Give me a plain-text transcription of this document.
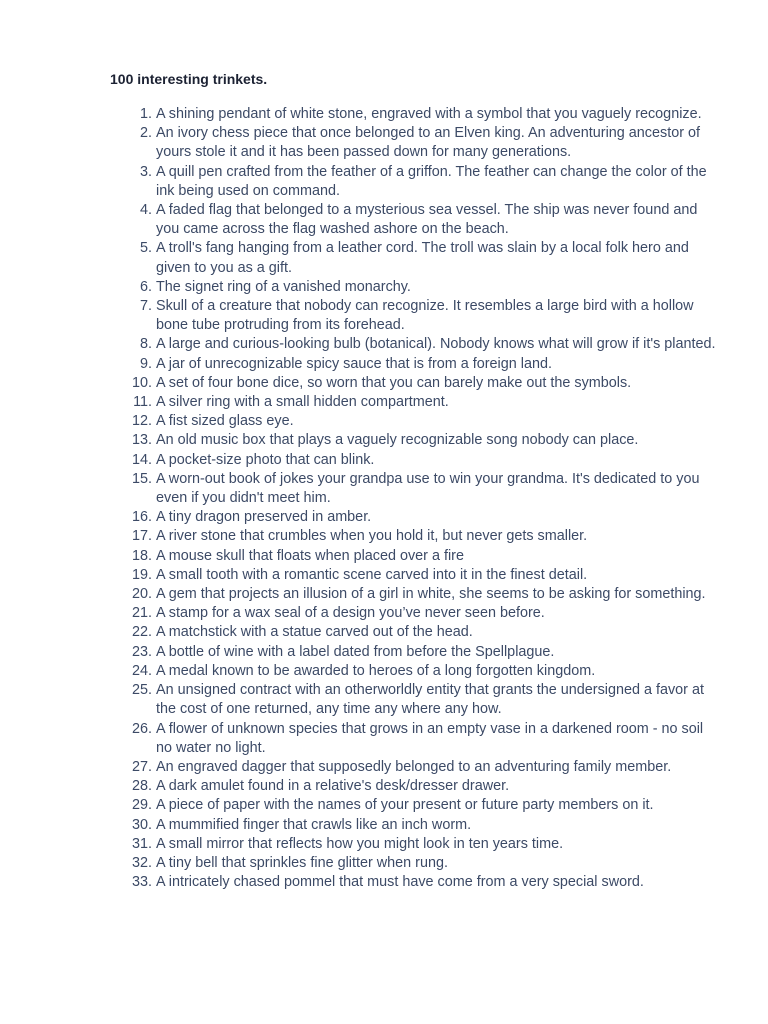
100 interesting trinkets.
1. A shining pendant of white stone, engraved with a symbol that you vaguely recognize.
2. An ivory chess piece that once belonged to an Elven king. An adventuring ancestor of yours stole it and it has been passed down for many generations.
3. A quill pen crafted from the feather of a griffon. The feather can change the color of the ink being used on command.
4. A faded flag that belonged to a mysterious sea vessel. The ship was never found and you came across the flag washed ashore on the beach.
5. A troll's fang hanging from a leather cord. The troll was slain by a local folk hero and given to you as a gift.
6. The signet ring of a vanished monarchy.
7. Skull of a creature that nobody can recognize. It resembles a large bird with a hollow bone tube protruding from its forehead.
8. A large and curious-looking bulb (botanical). Nobody knows what will grow if it's planted.
9. A jar of unrecognizable spicy sauce that is from a foreign land.
10. A set of four bone dice, so worn that you can barely make out the symbols.
11. A silver ring with a small hidden compartment.
12. A fist sized glass eye.
13. An old music box that plays a vaguely recognizable song nobody can place.
14. A pocket-size photo that can blink.
15. A worn-out book of jokes your grandpa use to win your grandma. It's dedicated to you even if you didn't meet him.
16. A tiny dragon preserved in amber.
17. A river stone that crumbles when you hold it, but never gets smaller.
18. A mouse skull that floats when placed over a fire
19. A small tooth with a romantic scene carved into it in the finest detail.
20. A gem that projects an illusion of a girl in white, she seems to be asking for something.
21. A stamp for a wax seal of a design you’ve never seen before.
22. A matchstick with a statue carved out of the head.
23. A bottle of wine with a label dated from before the Spellplague.
24. A medal known to be awarded to heroes of a long forgotten kingdom.
25. An unsigned contract with an otherworldly entity that grants the undersigned a favor at the cost of one returned, any time any where any how.
26. A flower of unknown species that grows in an empty vase in a darkened room - no soil no water no light.
27. An engraved dagger that supposedly belonged to an adventuring family member.
28. A dark amulet found in a relative's desk/dresser drawer.
29. A piece of paper with the names of your present or future party members on it.
30. A mummified finger that crawls like an inch worm.
31. A small mirror that reflects how you might look in ten years time.
32. A tiny bell that sprinkles fine glitter when rung.
33. A intricately chased pommel that must have come from a very special sword.
